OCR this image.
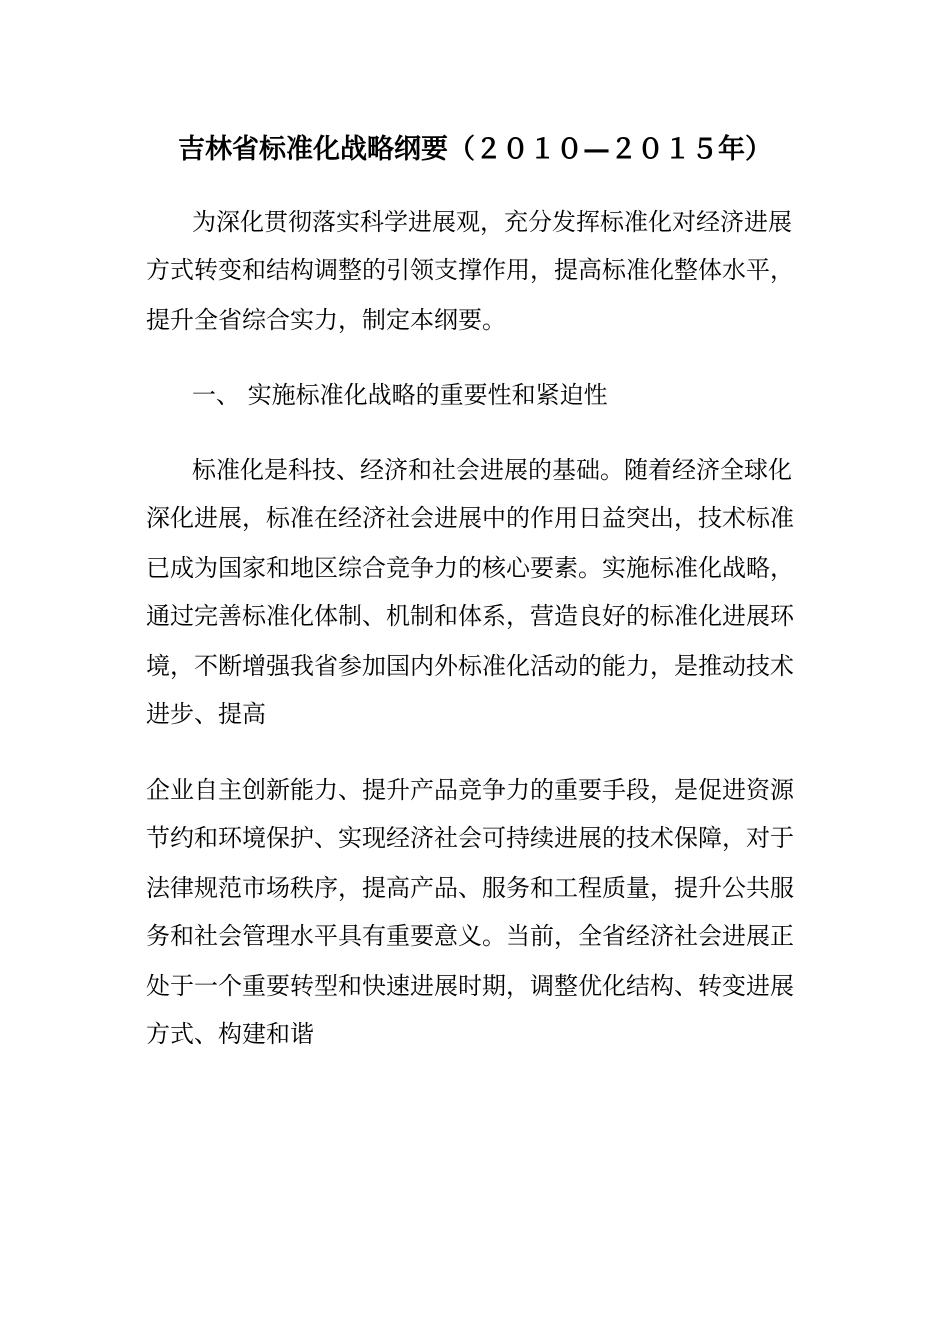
吉林省标准化战略纲要（２０１０—２０１５年）
为深化贯彻落实科学进展观，充分发挥标准化对经济进展
方式转变和结构调整的引领支撑作用，提高标准化整体水平，
提升全省综合实力，制定本纲要。
一、 实施标准化战略的重要性和紧迫性
标准化是科技、经济和社会进展的基础。随着经济全球化
深化进展，标准在经济社会进展中的作用日益突出，技术标准
已成为国家和地区综合竞争力的核心要素。实施标准化战略，
通过完善标准化体制、机制和体系，营造良好的标准化进展环
境，不断增强我省参加国内外标准化活动的能力，是推动技术
进步、提高
企业自主创新能力、提升产品竞争力的重要手段，是促进资源
节约和环境保护、实现经济社会可持续进展的技术保障，对于
法律规范市场秩序，提高产品、服务和工程质量，提升公共服
务和社会管理水平具有重要意义。当前，全省经济社会进展正
处于一个重要转型和快速进展时期，调整优化结构、转变进展
方式、构建和谐
